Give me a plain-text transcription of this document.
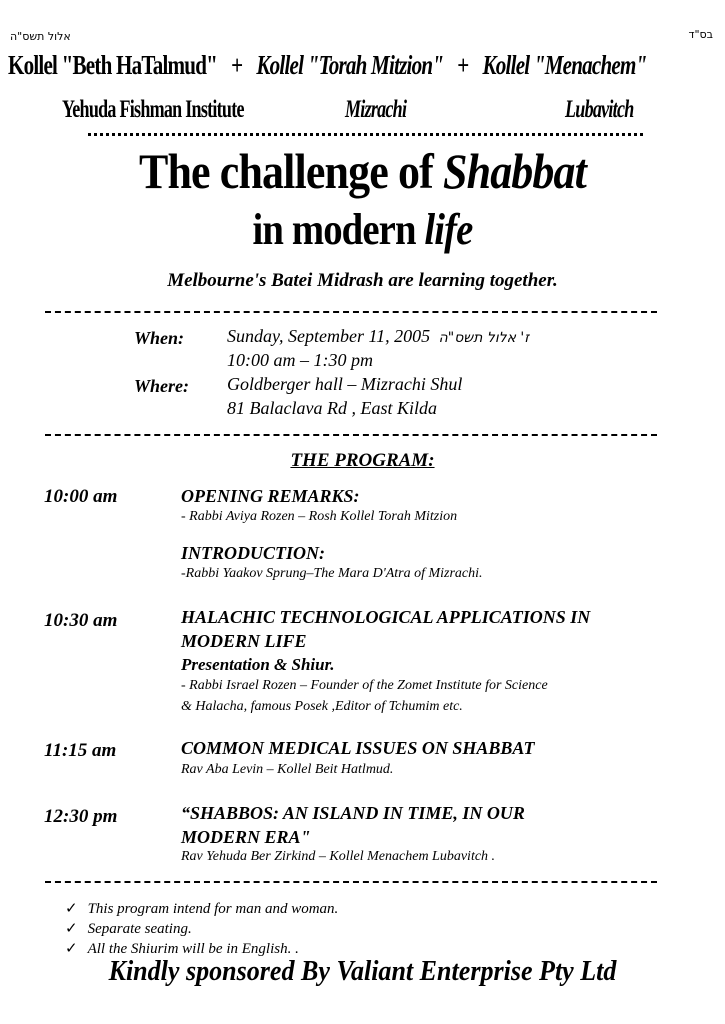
אלול תשס"ה	בס"ד
Kollel "Beth HaTalmud" + Kollel "Torah Mitzion" + Kollel "Menachem"
Yehuda Fishman Institute	Mizrachi	Lubavitch
The challenge of Shabbat
in modern life
Melbourne's Batei Midrash are learning together.
When: Sunday, September 11, 2005 ז' אלול תשס"ה
10:00 am – 1:30 pm
Where: Goldberger hall – Mizrachi Shul
81 Balaclava Rd , East Kilda
THE PROGRAM:
10:00 am	OPENING REMARKS:
- Rabbi Aviya Rozen – Rosh Kollel Torah Mitzion
INTRODUCTION:
-Rabbi Yaakov Sprung–The Mara D'Atra of Mizrachi.
10:30 am	HALACHIC TECHNOLOGICAL APPLICATIONS IN
MODERN LIFE
Presentation & Shiur.
- Rabbi Israel Rozen – Founder of the Zomet Institute for Science
& Halacha, famous Posek ,Editor of Tchumim etc.
11:15 am	COMMON MEDICAL ISSUES ON SHABBAT
Rav Aba Levin – Kollel Beit Hatlmud.
12:30 pm	“SHABBOS: AN ISLAND IN TIME, IN OUR
MODERN ERA"
Rav Yehuda Ber Zirkind – Kollel Menachem Lubavitch .
✓ This program intend for man and woman.
✓ Separate seating.
✓ All the Shiurim will be in English. .
Kindly sponsored By Valiant Enterprise Pty Ltd
